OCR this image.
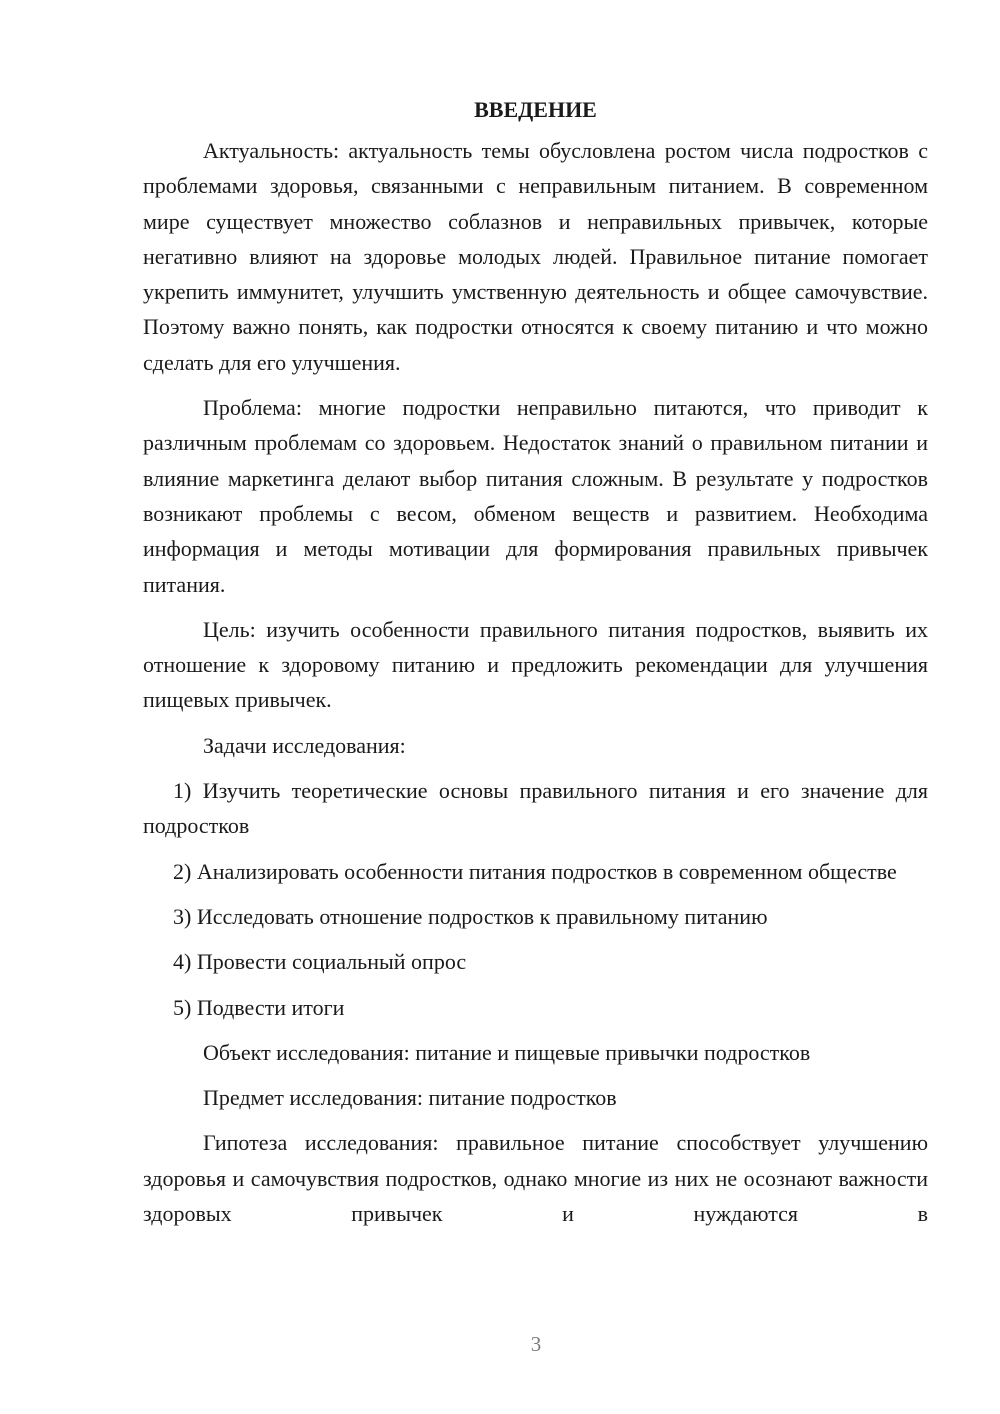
ВВЕДЕНИЕ

Актуальность: актуальность темы обусловлена ростом числа подростков с проблемами здоровья, связанными с неправильным питанием. В современном мире существует множество соблазнов и неправильных привычек, которые негативно влияют на здоровье молодых людей. Правильное питание помогает укрепить иммунитет, улучшить умственную деятельность и общее самочувствие. Поэтому важно понять, как подростки относятся к своему питанию и что можно сделать для его улучшения.

Проблема: многие подростки неправильно питаются, что приводит к различным проблемам со здоровьем. Недостаток знаний о правильном питании и влияние маркетинга делают выбор питания сложным. В результате у подростков возникают проблемы с весом, обменом веществ и развитием. Необходима информация и методы мотивации для формирования правильных привычек питания.

Цель: изучить особенности правильного питания подростков, выявить их отношение к здоровому питанию и предложить рекомендации для улучшения пищевых привычек.

Задачи исследования:

1) Изучить теоретические основы правильного питания и его значение для подростков

2) Анализировать особенности питания подростков в современном обществе

3) Исследовать отношение подростков к правильному питанию

4) Провести социальный опрос

5) Подвести итоги

Объект исследования: питание и пищевые привычки подростков

Предмет исследования: питание подростков

Гипотеза исследования: правильное питание способствует улучшению здоровья и самочувствия подростков, однако многие из них не осознают важности здоровых привычек и нуждаются в

3
